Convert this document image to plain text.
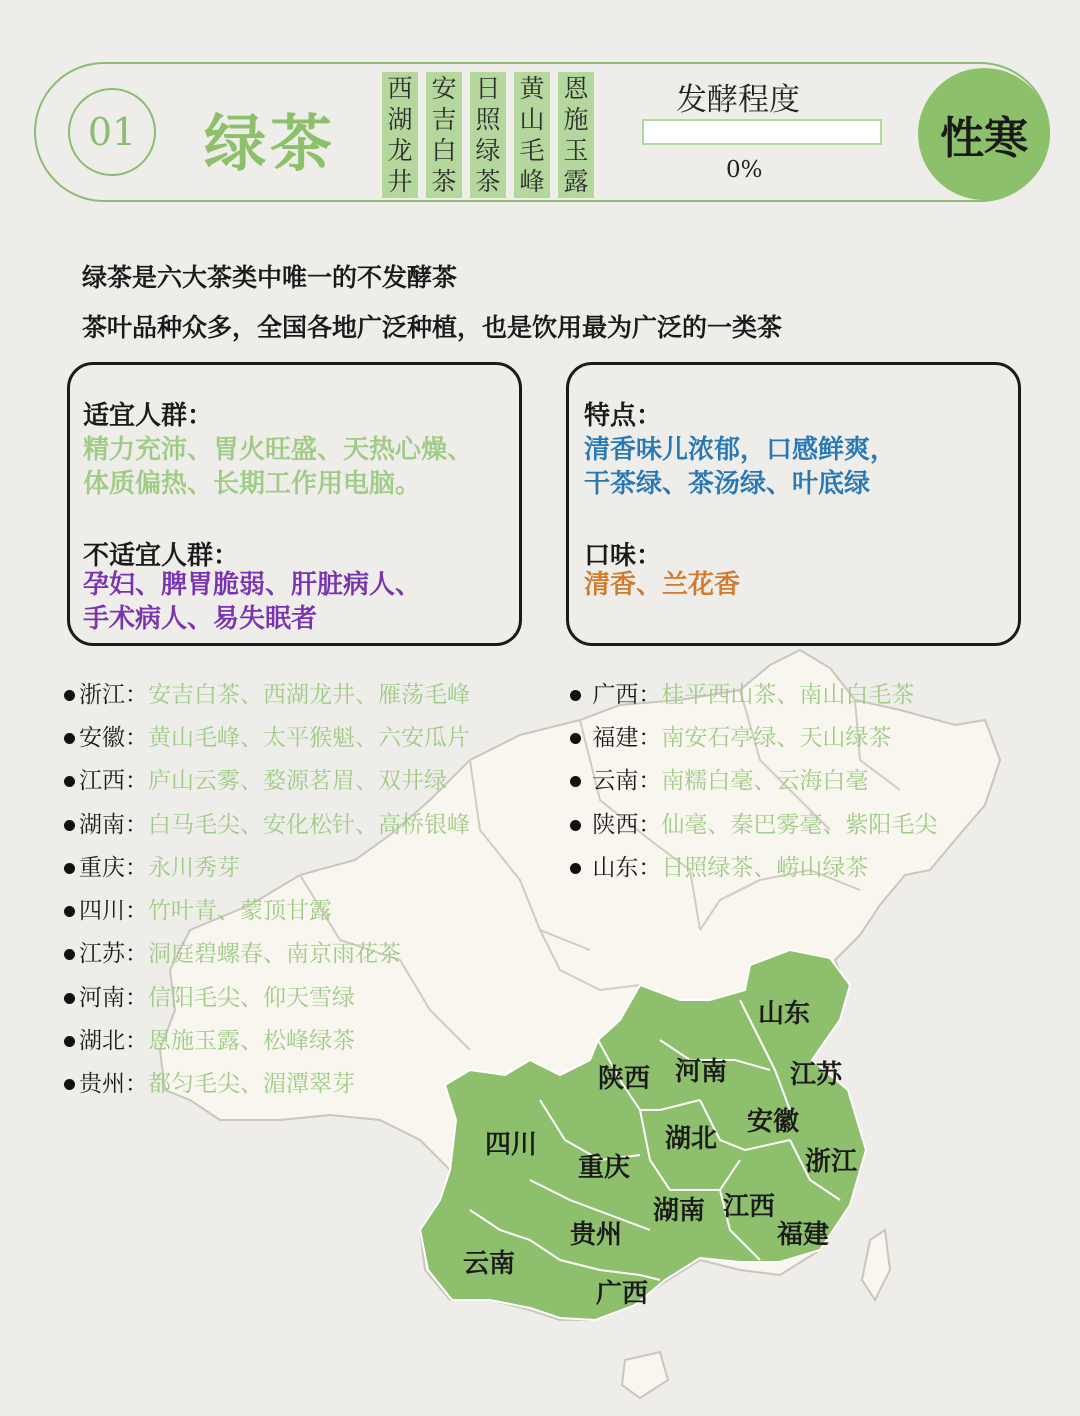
山东
陕西 河南 江苏
安徽
四川	湖北
重庆	浙江
湖南 江西
贵州	福建
云南
广西
01	绿茶
西
湖
龙
井
安
吉
白
茶
日
照
绿
茶
黄
山
毛
峰
恩
施
玉
露
发酵程度
0%
性寒
绿茶是六大茶类中唯一的不发酵茶
茶叶品种众多，全国各地广泛种植，也是饮用最为广泛的一类茶
适宜人群：
精力充沛、胃火旺盛、天热心燥、
体质偏热、长期工作用电脑。
不适宜人群：
孕妇、脾胃脆弱、肝脏病人、
手术病人、易失眠者
特点：
清香味儿浓郁，口感鲜爽，
干茶绿、茶汤绿、叶底绿
口味：
清香、兰花香
浙江：安吉白茶、西湖龙井、雁荡毛峰
安徽：黄山毛峰、太平猴魁、六安瓜片
江西：庐山云雾、婺源茗眉、双井绿
湖南：白马毛尖、安化松针、高桥银峰
重庆：永川秀芽
四川：竹叶青、蒙顶甘露
江苏：洞庭碧螺春、南京雨花茶
河南：信阳毛尖、仰天雪绿
湖北：恩施玉露、松峰绿茶
贵州：都匀毛尖、湄潭翠芽
广西：桂平西山茶、南山白毛茶
福建：南安石亭绿、天山绿茶
云南：南糯白毫、云海白毫
陕西：仙毫、秦巴雾毫、紫阳毛尖
山东：日照绿茶、崂山绿茶
